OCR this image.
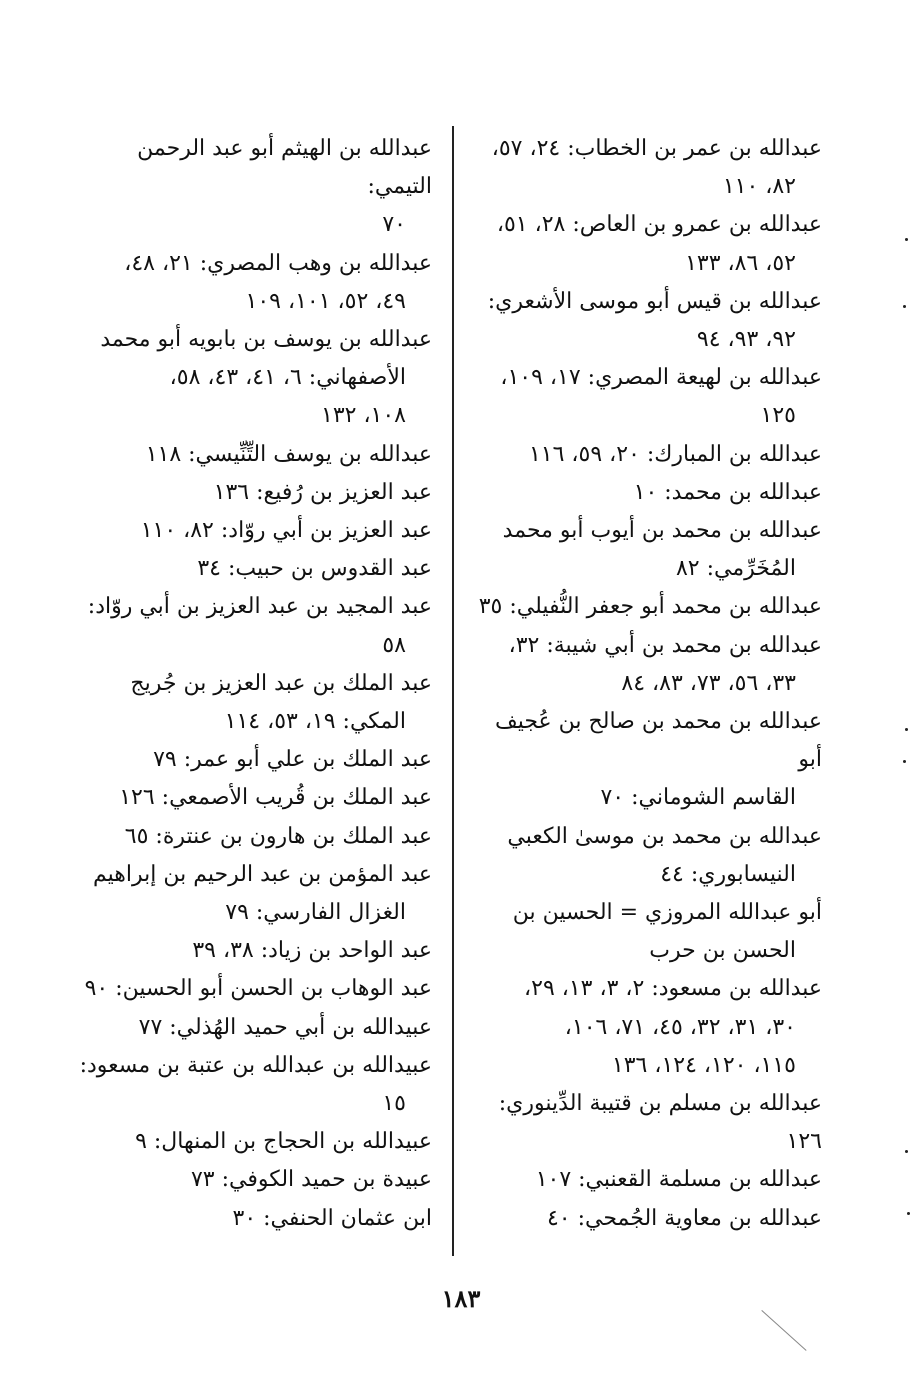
عبدالله بن عمر بن الخطاب: ٢٤، ٥٧،
٨٢، ١١٠
عبدالله بن عمرو بن العاص: ٢٨، ٥١،
٥٢، ٨٦، ١٣٣
عبدالله بن قيس أبو موسى الأشعري:
٩٢، ٩٣، ٩٤
عبدالله بن لهيعة المصري: ١٧، ١٠٩،
١٢٥
عبدالله بن المبارك: ٢٠، ٥٩، ١١٦
عبدالله بن محمد: ١٠
عبدالله بن محمد بن أيوب أبو محمد
المُخَرِّمي: ٨٢
عبدالله بن محمد أبو جعفر النُّفيلي: ٣٥
عبدالله بن محمد بن أبي شيبة: ٣٢،
٣٣، ٥٦، ٧٣، ٨٣، ٨٤
عبدالله بن محمد بن صالح بن عُجيف أبو
القاسم الشوماني: ٧٠
عبدالله بن محمد بن موسىٰ الكعبي
النيسابوري: ٤٤
أبو عبدالله المروزي = الحسين بن
الحسن بن حرب
عبدالله بن مسعود: ٢، ٣، ١٣، ٢٩،
٣٠، ٣١، ٣٢، ٤٥، ٧١، ١٠٦،
١١٥، ١٢٠، ١٢٤، ١٣٦
عبدالله بن مسلم بن قتيبة الدِّينوري: ١٢٦
عبدالله بن مسلمة القعنبي: ١٠٧
عبدالله بن معاوية الجُمحي: ٤٠
عبدالله بن الهيثم أبو عبد الرحمن التيمي:
٧٠
عبدالله بن وهب المصري: ٢١، ٤٨،
٤٩، ٥٢، ١٠١، ١٠٩
عبدالله بن يوسف بن بابويه أبو محمد
الأصفهاني: ٦، ٤١، ٤٣، ٥٨،
١٠٨، ١٣٢
عبدالله بن يوسف التِّنِّيسي: ١١٨
عبد العزيز بن رُفيع: ١٣٦
عبد العزيز بن أبي روّاد: ٨٢، ١١٠
عبد القدوس بن حبيب: ٣٤
عبد المجيد بن عبد العزيز بن أبي روّاد:
٥٨
عبد الملك بن عبد العزيز بن جُريج
المكي: ١٩، ٥٣، ١١٤
عبد الملك بن علي أبو عمر: ٧٩
عبد الملك بن قُريب الأصمعي: ١٢٦
عبد الملك بن هارون بن عنترة: ٦٥
عبد المؤمن بن عبد الرحيم بن إبراهيم
الغزال الفارسي: ٧٩
عبد الواحد بن زياد: ٣٨، ٣٩
عبد الوهاب بن الحسن أبو الحسين: ٩٠
عبيدالله بن أبي حميد الهُذلي: ٧٧
عبيدالله بن عبدالله بن عتبة بن مسعود:
١٥
عبيدالله بن الحجاج بن المنهال: ٩
عبيدة بن حميد الكوفي: ٧٣
ابن عثمان الحنفي: ٣٠
١٨٣
